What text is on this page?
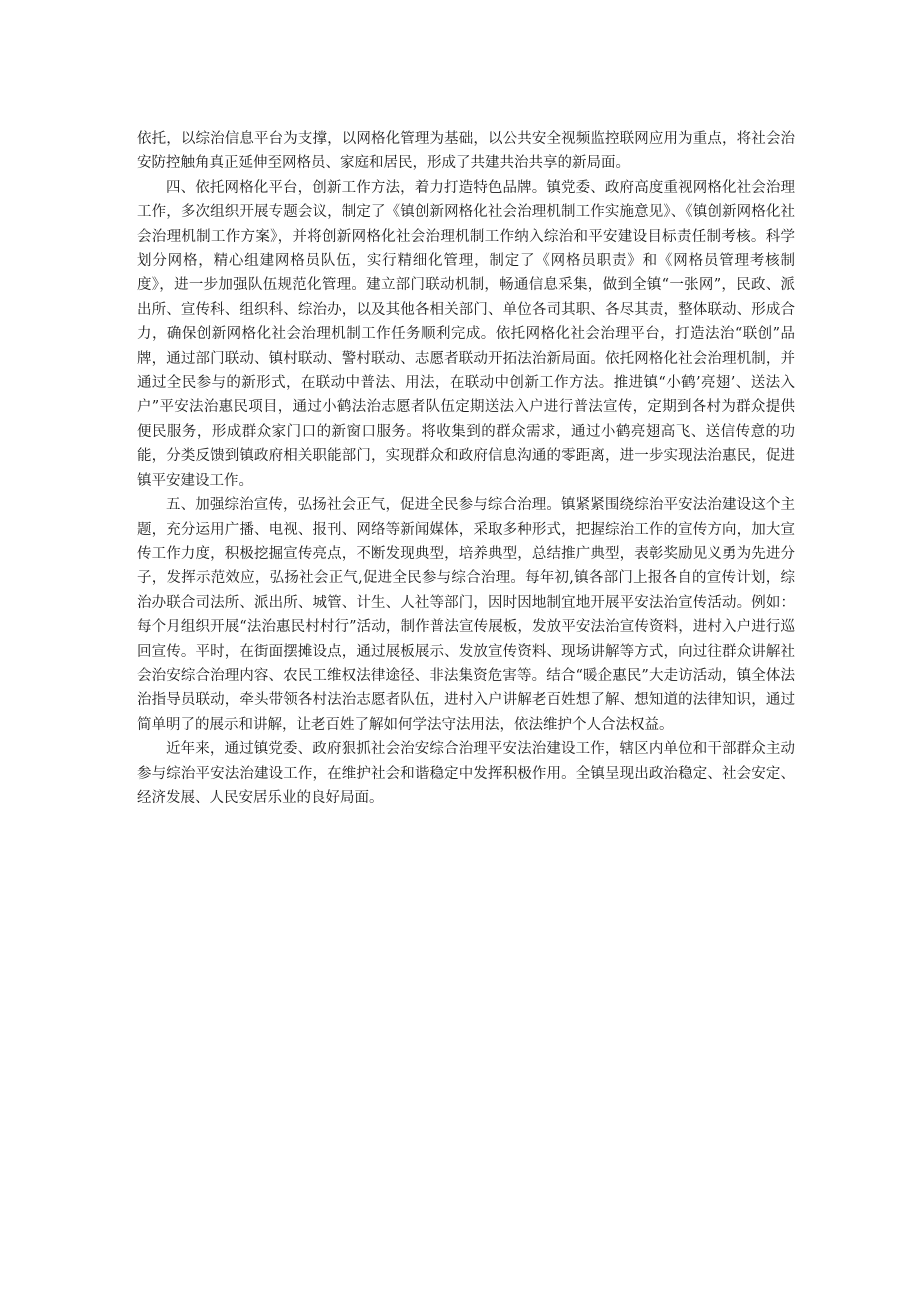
依托，以综治信息平台为支撑，以网格化管理为基础，以公共安全视频监控联网应用为重点，将社会治安防控触角真正延伸至网格员、家庭和居民，形成了共建共治共享的新局面。

四、依托网格化平台，创新工作方法，着力打造特色品牌。镇党委、政府高度重视网格化社会治理工作，多次组织开展专题会议，制定了《镇创新网格化社会治理机制工作实施意见》、《镇创新网格化社会治理机制工作方案》，并将创新网格化社会治理机制工作纳入综治和平安建设目标责任制考核。科学划分网格，精心组建网格员队伍，实行精细化管理，制定了《网格员职责》和《网格员管理考核制度》，进一步加强队伍规范化管理。建立部门联动机制，畅通信息采集，做到全镇“一张网”，民政、派出所、宣传科、组织科、综治办，以及其他各相关部门、单位各司其职、各尽其责，整体联动、形成合力，确保创新网格化社会治理机制工作任务顺利完成。依托网格化社会治理平台，打造法治“联创”品牌，通过部门联动、镇村联动、警村联动、志愿者联动开拓法治新局面。依托网格化社会治理机制，并通过全民参与的新形式，在联动中普法、用法，在联动中创新工作方法。推进镇“小鹤’亮翅’、送法入户”平安法治惠民项目，通过小鹤法治志愿者队伍定期送法入户进行普法宣传，定期到各村为群众提供便民服务，形成群众家门口的新窗口服务。将收集到的群众需求，通过小鹤亮翅高飞、送信传意的功能，分类反馈到镇政府相关职能部门，实现群众和政府信息沟通的零距离，进一步实现法治惠民，促进镇平安建设工作。

五、加强综治宣传，弘扬社会正气，促进全民参与综合治理。镇紧紧围绕综治平安法治建设这个主题，充分运用广播、电视、报刊、网络等新闻媒体，采取多种形式，把握综治工作的宣传方向，加大宣传工作力度，积极挖掘宣传亮点，不断发现典型，培养典型，总结推广典型，表彰奖励见义勇为先进分子，发挥示范效应，弘扬社会正气,促进全民参与综合治理。每年初,镇各部门上报各自的宣传计划，综治办联合司法所、派出所、城管、计生、人社等部门，因时因地制宜地开展平安法治宣传活动。例如：每个月组织开展“法治惠民村村行”活动，制作普法宣传展板，发放平安法治宣传资料，进村入户进行巡回宣传。平时，在街面摆摊设点，通过展板展示、发放宣传资料、现场讲解等方式，向过往群众讲解社会治安综合治理内容、农民工维权法律途径、非法集资危害等。结合“暖企惠民”大走访活动，镇全体法治指导员联动，牵头带领各村法治志愿者队伍，进村入户讲解老百姓想了解、想知道的法律知识，通过简单明了的展示和讲解，让老百姓了解如何学法守法用法，依法维护个人合法权益。

近年来，通过镇党委、政府狠抓社会治安综合治理平安法治建设工作，辖区内单位和干部群众主动参与综治平安法治建设工作，在维护社会和谐稳定中发挥积极作用。全镇呈现出政治稳定、社会安定、经济发展、人民安居乐业的良好局面。
